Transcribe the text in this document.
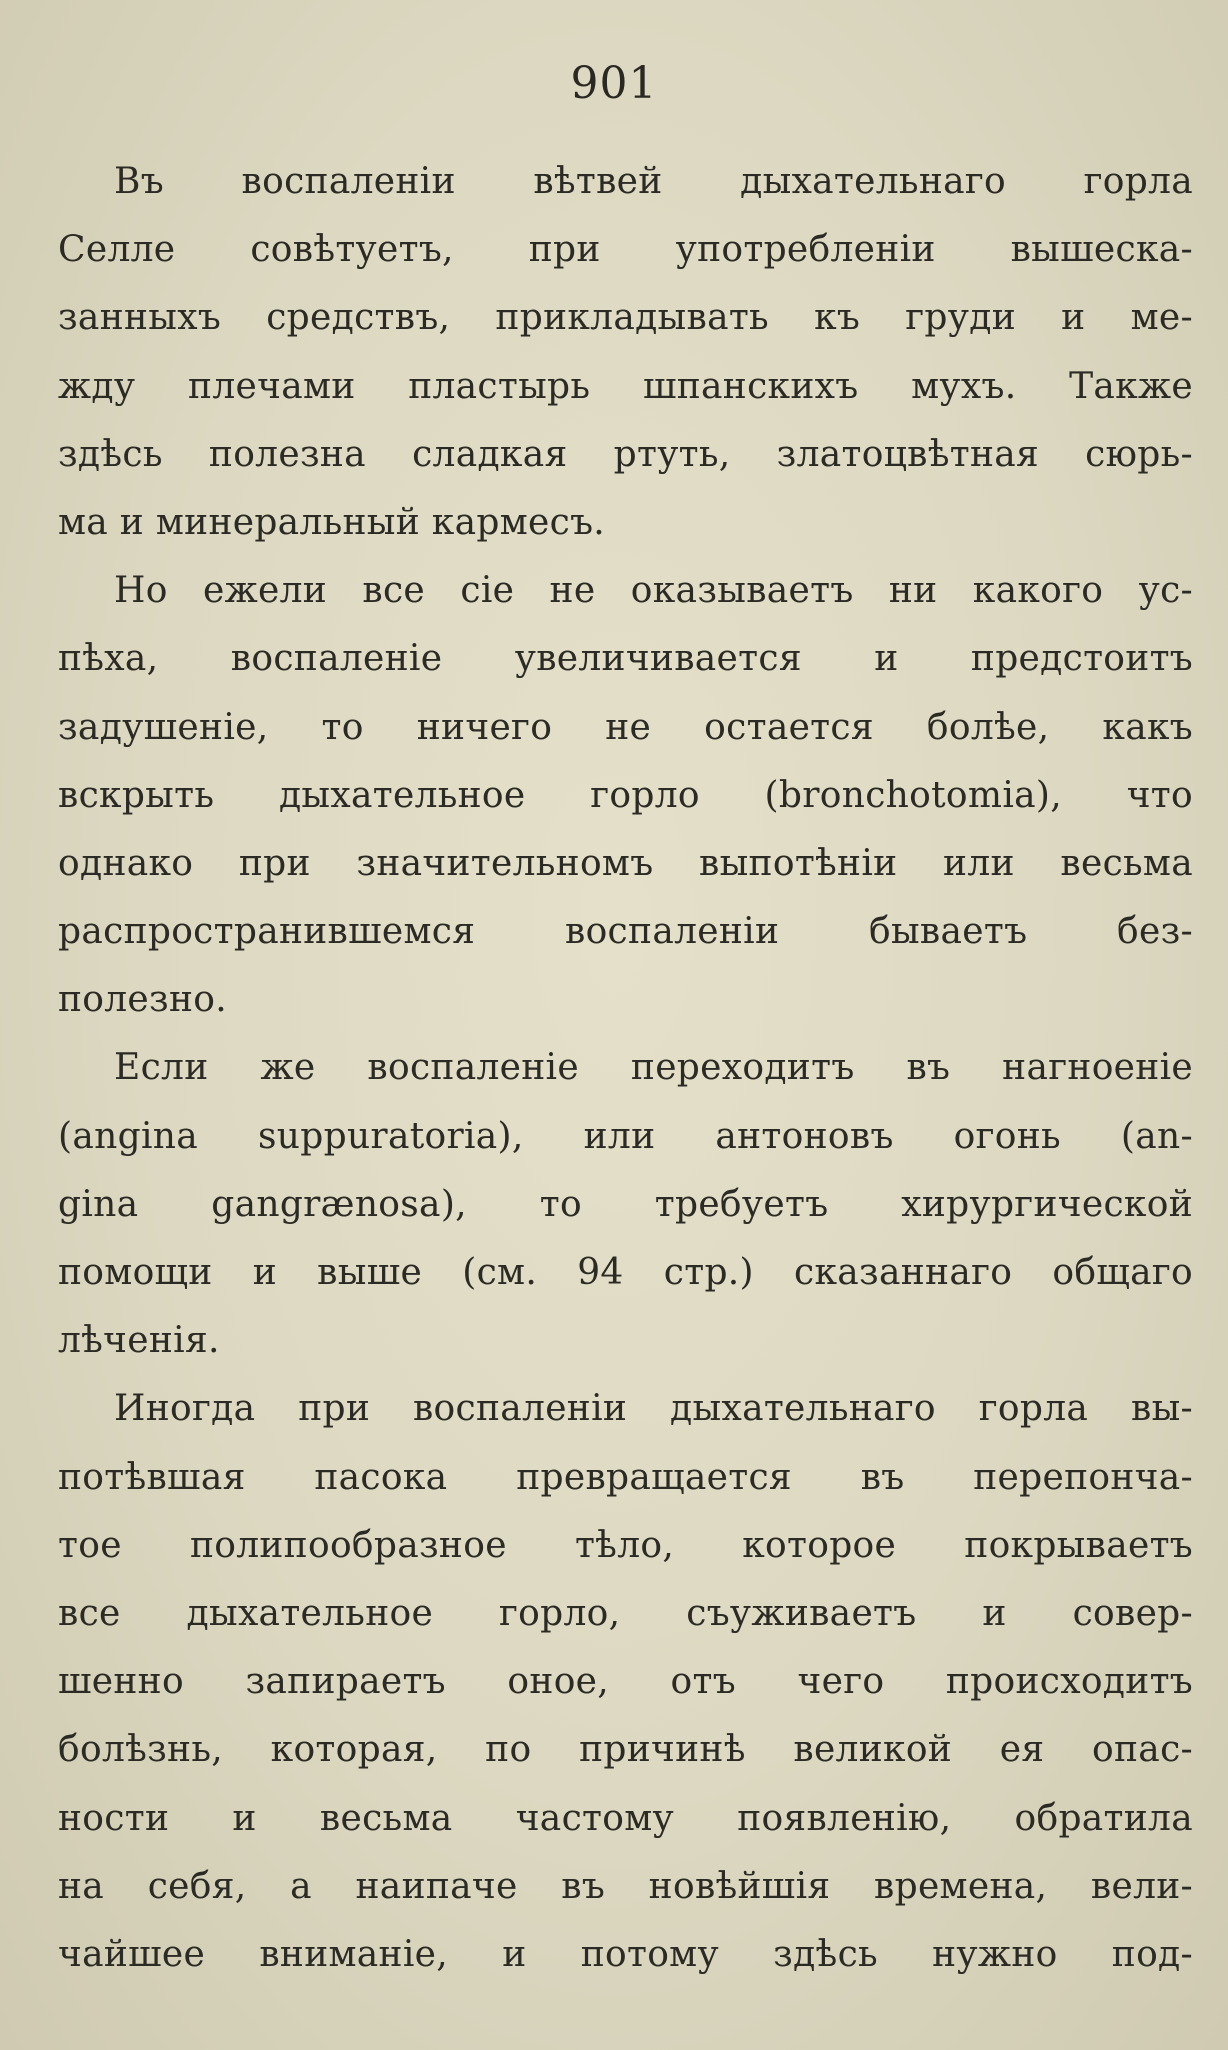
901
Въ воспаленіи вѣтвей дыхательнаго горла
Селле совѣтуетъ, при употребленіи вышеска-
занныхъ средствъ, прикладывать къ груди и ме-
жду плечами пластырь шпанскихъ мухъ. Также
здѣсь полезна сладкая ртуть, златоцвѣтная сюрь-
ма и минеральный кармесъ.
Но ежели все сіе не оказываетъ ни какого ус-
пѣха, воспаленіе увеличивается и предстоитъ
задушеніе, то ничего не остается болѣе, какъ
вскрыть дыхательное горло (bronchotomia), что
однако при значительномъ выпотѣніи или весьма
распространившемся воспаленіи бываетъ без-
полезно.
Если же воспаленіе переходитъ въ нагноеніе
(angina suppuratoria), или антоновъ огонь (an-
gina gangrænosa), то требуетъ хирургической
помощи и выше (см. 94 стр.) сказаннаго общаго
лѣченія.
Иногда при воспаленіи дыхательнаго горла вы-
потѣвшая пасока превращается въ перепонча-
тое полипообразное тѣло, которое покрываетъ
все дыхательное горло, съуживаетъ и совер-
шенно запираетъ оное, отъ чего происходитъ
болѣзнь, которая, по причинѣ великой ея опас-
ности и весьма частому появленію, обратила
на себя, а наипаче въ новѣйшія времена, вели-
чайшее вниманіе, и потому здѣсь нужно под-
